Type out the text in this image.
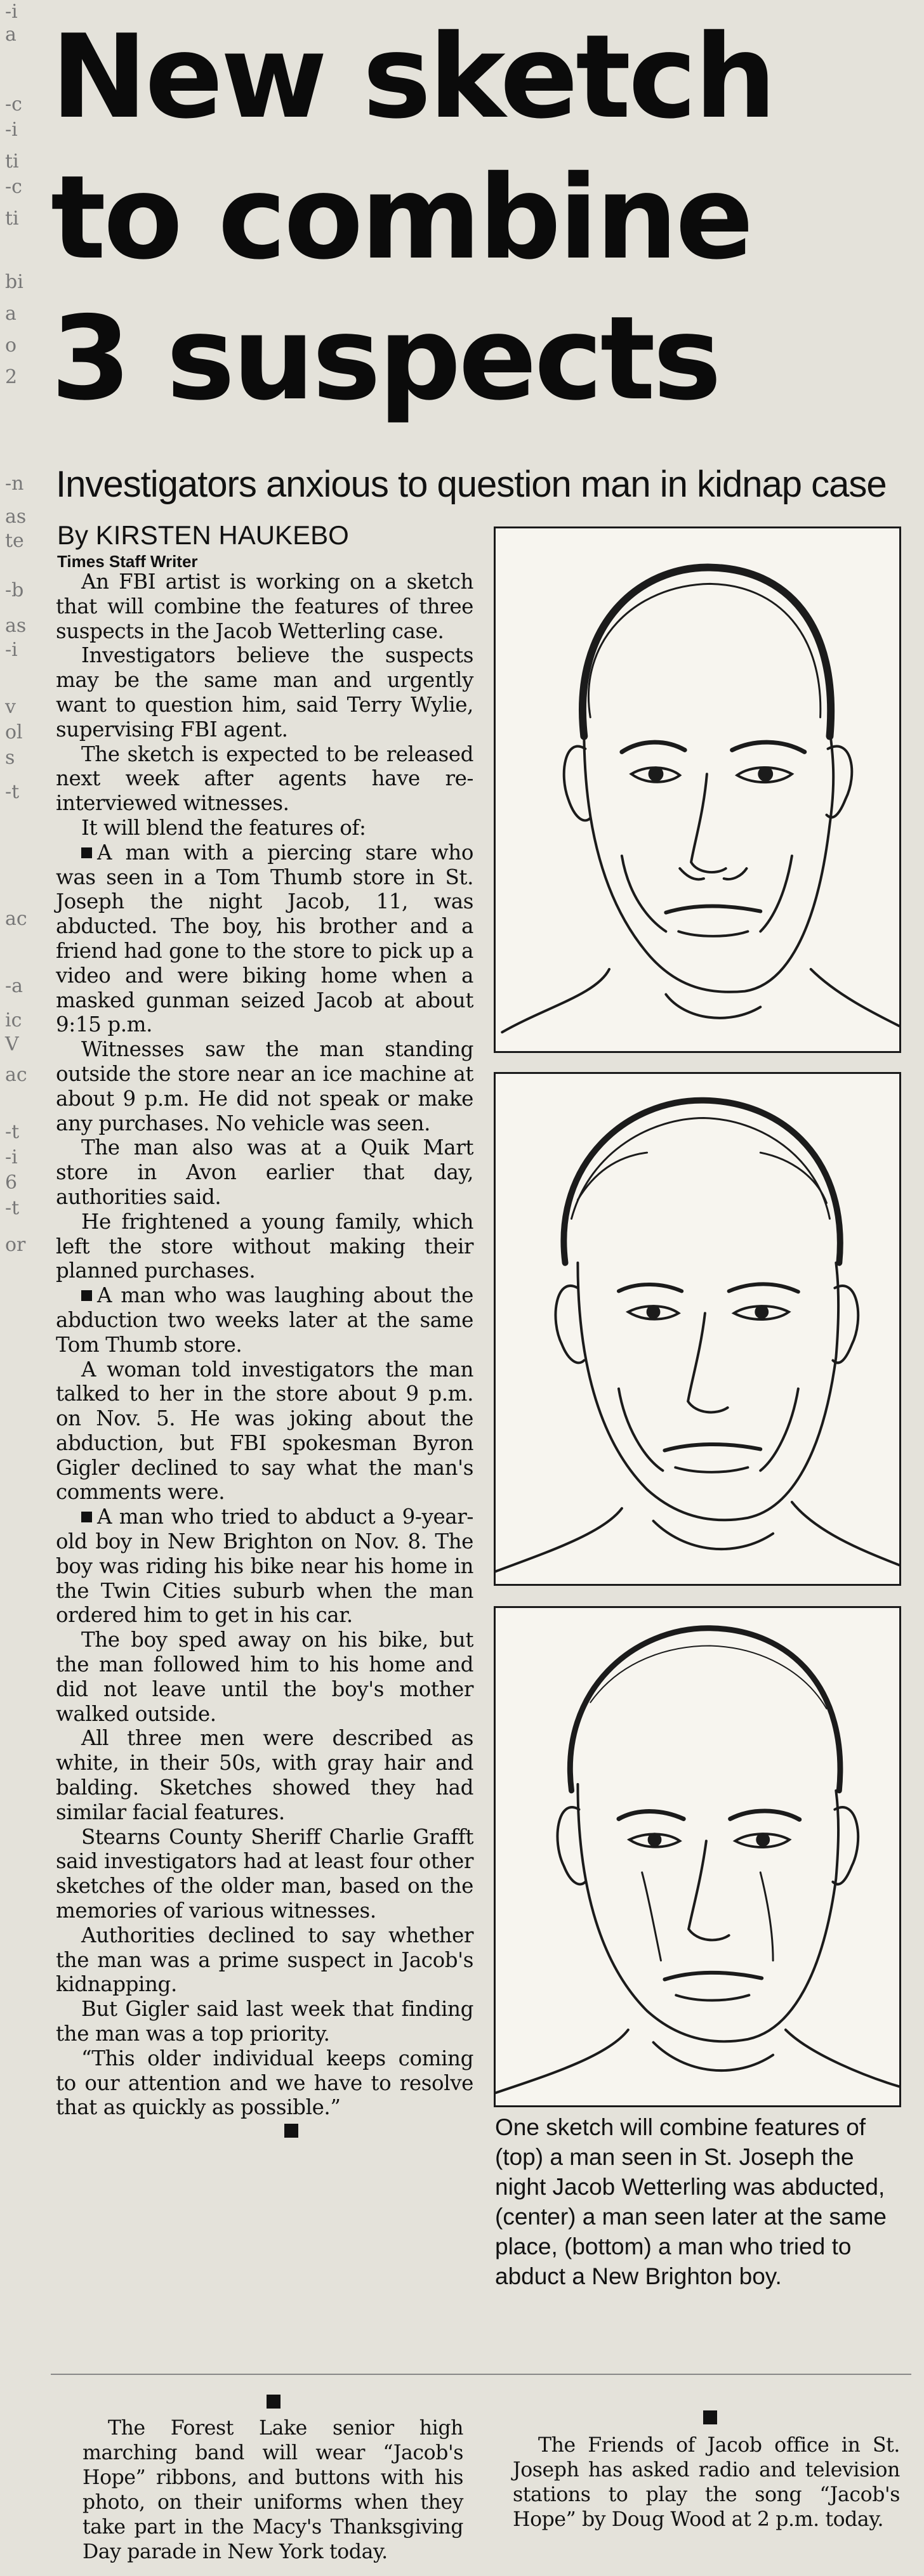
-i
a
-c
-i
ti
-c
ti
bi
a
o
2
-n
as
te
-b
as
-i
v
ol
s
-t
ac
-a
ic
V
ac
-t
-i
6
-t
or
New sketch
to combine
3 suspects

Investigators anxious to question man in kidnap case

By KIRSTEN HAUKEBO

Times Staff Writer

An FBI artist is working on a sketch that will combine the features of three suspects in the Jacob Wetterling case.

Investigators believe the suspects may be the same man and urgently want to question him, said Terry Wylie, supervising FBI agent.

The sketch is expected to be released next week after agents have re-interviewed witnesses.

It will blend the features of:

A man with a piercing stare who was seen in a Tom Thumb store in St. Joseph the night Jacob, 11, was abducted. The boy, his brother and a friend had gone to the store to pick up a video and were biking home when a masked gunman seized Jacob at about 9:15 p.m.

Witnesses saw the man standing outside the store near an ice machine at about 9 p.m. He did not speak or make any purchases. No vehicle was seen.

The man also was at a Quik Mart store in Avon earlier that day, authorities said.

He frightened a young family, which left the store without making their planned purchases.

A man who was laughing about the abduction two weeks later at the same Tom Thumb store.

A woman told investigators the man talked to her in the store about 9 p.m. on Nov. 5. He was joking about the abduction, but FBI spokesman Byron Gigler declined to say what the man's comments were.

A man who tried to abduct a 9-year-old boy in New Brighton on Nov. 8. The boy was riding his bike near his home in the Twin Cities suburb when the man ordered him to get in his car.

The boy sped away on his bike, but the man followed him to his home and did not leave until the boy's mother walked outside.

All three men were described as white, in their 50s, with gray hair and balding. Sketches showed they had similar facial features.

Stearns County Sheriff Charlie Grafft said investigators had at least four other sketches of the older man, based on the memories of various witnesses.

Authorities declined to say whether the man was a prime suspect in Jacob's kidnapping.

But Gigler said last week that finding the man was a top priority.

“This older individual keeps coming to our attention and we have to resolve that as quickly as possible.”

One sketch will combine features of (top) a man seen in St. Joseph the night Jacob Wetterling was abducted, (center) a man seen later at the same place, (bottom) a man who tried to abduct a New Brighton boy.

The Forest Lake senior high marching band will wear “Jacob's Hope” ribbons, and buttons with his photo, on their uniforms when they take part in the Macy's Thanksgiving Day parade in New York today.

The Friends of Jacob office in St. Joseph has asked radio and television stations to play the song “Jacob's Hope” by Doug Wood at 2 p.m. today.
